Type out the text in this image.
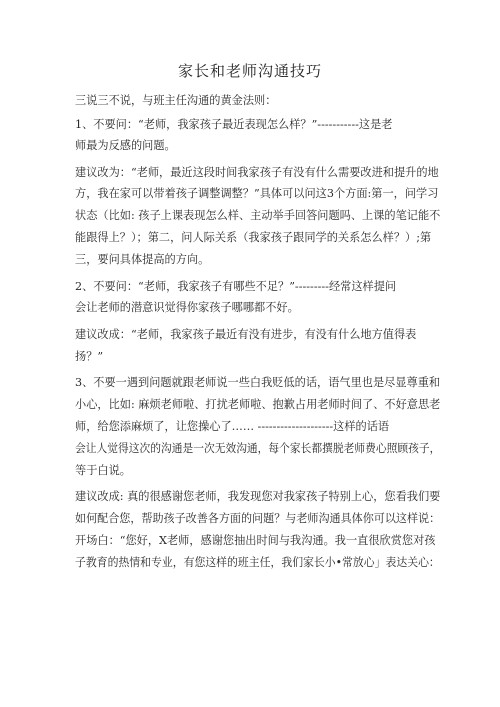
家长和老师沟通技巧
三说三不说，与班主任沟通的黄金法则：
1、不要问：“老师，我家孩子最近表现怎么样？”-----------这是老
师最为反感的问题。
建议改为：“老师，最近这段时间我家孩子有没有什么需要改进和提升的地
方，我在家可以带着孩子调整调整？”具体可以问这3个方面:第一，问学习
状态（比如: 孩子上课表现怎么样、主动举手回答问题吗、上课的笔记能不
能跟得上？）；第二，问人际关系（我家孩子跟同学的关系怎么样？）;第
三，要问具体提高的方向。
2、不要问：“老师，我家孩子有哪些不足？”---------经常这样提问
会让老师的潜意识觉得你家孩子哪哪都不好。
建议改成：“老师，我家孩子最近有没有进步，有没有什么地方值得表
扬？”
3、不要一遇到问题就跟老师说一些白我贬低的话，语气里也是尽显尊重和
小心，比如: 麻烦老师啦、打扰老师啦、抱歉占用老师时间了、不好意思老
师，给您添麻烦了，让您操心了…… --------------------这样的话语
会让人觉得这次的沟通是一次无效沟通，每个家长都撰脱老师费心照顾孩子，
等于白说。
建议改成: 真的很感谢您老师，我发现您对我家孩子特别上心，您看我们要
如何配合您，帮助孩子改善各方面的问题？与老师沟通具体你可以这样说：
开场白：“您好，X老师，感谢您抽出时间与我沟通。我一直很欣赏您对孩
子教育的热情和专业，有您这样的班主任，我们家长小•常放心」表达关心：
